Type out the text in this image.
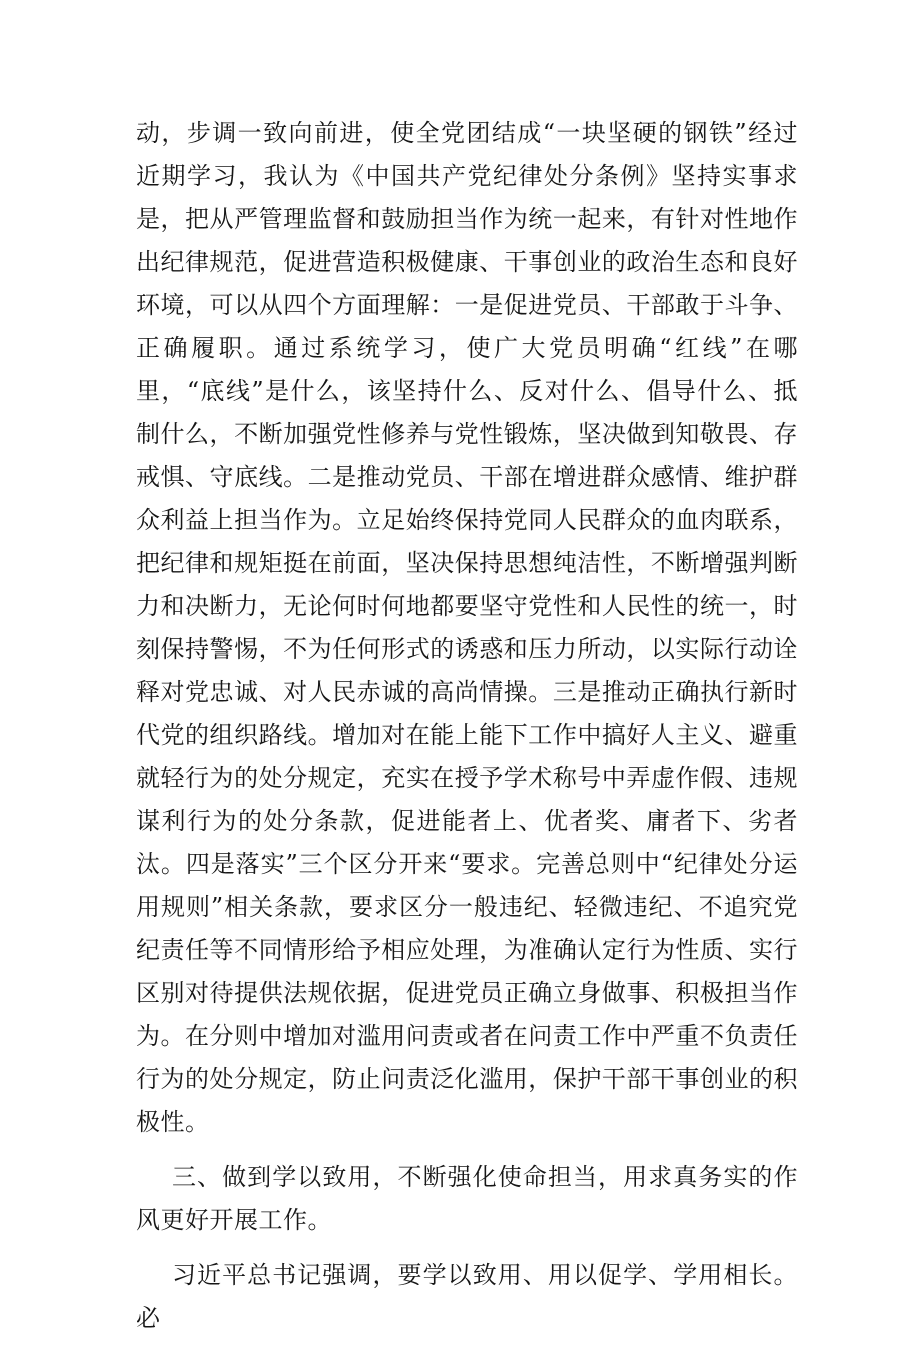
动，步调一致向前进，使全党团结成“一块坚硬的钢铁”经过近期学习，我认为《中国共产党纪律处分条例》坚持实事求是，把从严管理监督和鼓励担当作为统一起来，有针对性地作出纪律规范，促进营造积极健康、干事创业的政治生态和良好环境，可以从四个方面理解：一是促进党员、干部敢于斗争、正确履职。通过系统学习，使广大党员明确“红线”在哪里，“底线”是什么，该坚持什么、反对什么、倡导什么、抵制什么，不断加强党性修养与党性锻炼，坚决做到知敬畏、存戒惧、守底线。二是推动党员、干部在增进群众感情、维护群众利益上担当作为。立足始终保持党同人民群众的血肉联系，把纪律和规矩挺在前面，坚决保持思想纯洁性，不断增强判断力和决断力，无论何时何地都要坚守党性和人民性的统一，时刻保持警惕，不为任何形式的诱惑和压力所动，以实际行动诠释对党忠诚、对人民赤诚的高尚情操。三是推动正确执行新时代党的组织路线。增加对在能上能下工作中搞好人主义、避重就轻行为的处分规定，充实在授予学术称号中弄虚作假、违规谋利行为的处分条款，促进能者上、优者奖、庸者下、劣者汰。四是落实”三个区分开来“要求。完善总则中“纪律处分运用规则”相关条款，要求区分一般违纪、轻微违纪、不追究党纪责任等不同情形给予相应处理，为准确认定行为性质、实行区别对待提供法规依据，促进党员正确立身做事、积极担当作为。在分则中增加对滥用问责或者在问责工作中严重不负责任行为的处分规定，防止问责泛化滥用，保护干部干事创业的积极性。

三、做到学以致用，不断强化使命担当，用求真务实的作风更好开展工作。

习近平总书记强调，要学以致用、用以促学、学用相长。必
